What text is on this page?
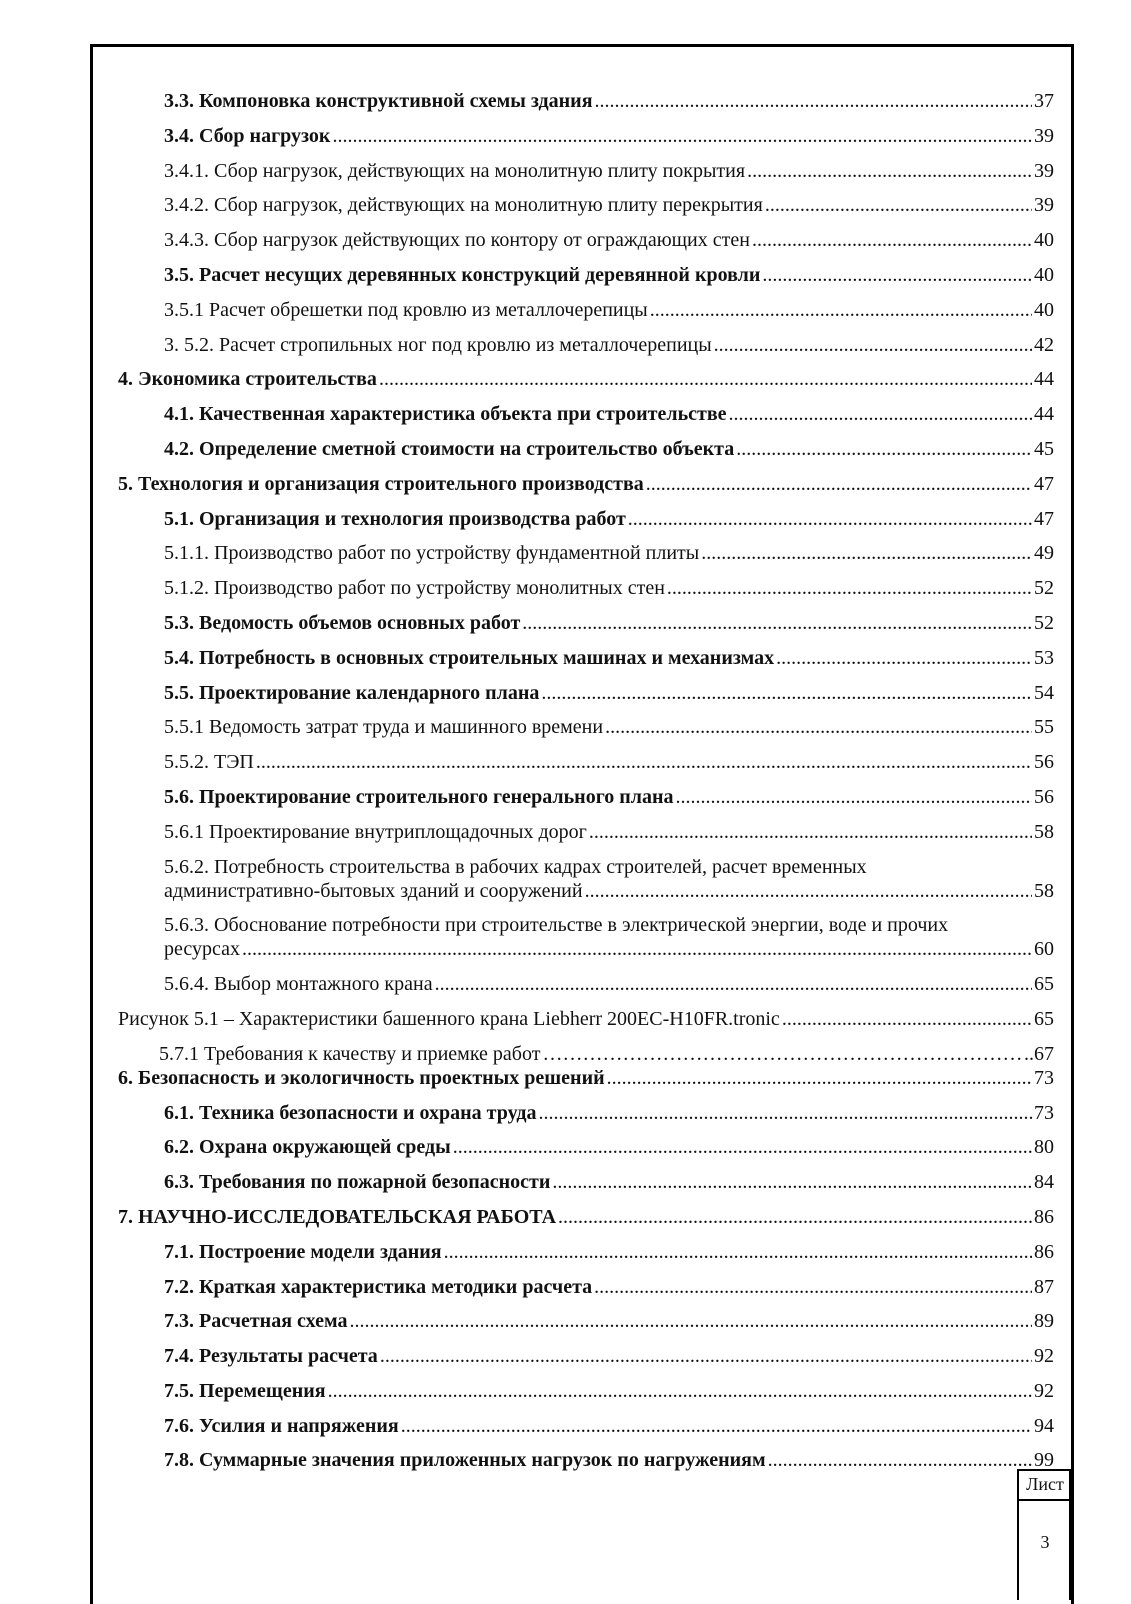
3.3. Компоновка конструктивной схемы здания .....	37
3.4. Сбор нагрузок .....	39
3.4.1. Сбор нагрузок, действующих на монолитную плиту покрытия .....	39
3.4.2. Сбор нагрузок, действующих на монолитную плиту перекрытия .....	39
3.4.3. Сбор нагрузок действующих по контору от ограждающих стен .....	40
3.5. Расчет несущих деревянных конструкций деревянной кровли .....	40
3.5.1 Расчет обрешетки под кровлю из металлочерепицы .....	40
3. 5.2. Расчет стропильных ног под кровлю из металлочерепицы .....	42
4. Экономика строительства .....	44
4.1. Качественная характеристика объекта при строительстве .....	44
4.2. Определение сметной стоимости на строительство объекта .....	45
5. Технология и организация строительного производства .....	47
5.1. Организация и технология производства работ .....	47
5.1.1. Производство работ по устройству фундаментной плиты .....	49
5.1.2. Производство работ по устройству монолитных стен .....	52
5.3. Ведомость объемов основных работ .....	52
5.4. Потребность в основных строительных машинах и механизмах .....	53
5.5. Проектирование календарного плана .....	54
5.5.1 Ведомость затрат труда и машинного времени .....	55
5.5.2. ТЭП .....	56
5.6. Проектирование строительного генерального плана .....	56
5.6.1 Проектирование внутриплощадочных дорог .....	58
5.6.2. Потребность строительства в рабочих кадрах строителей, расчет временных
административно-бытовых зданий и сооружений .....	58
5.6.3. Обоснование потребности при строительстве в электрической энергии, воде и прочих
ресурсах .....	60
5.6.4. Выбор монтажного крана .....	65
Рисунок 5.1 – Характеристики башенного крана Liebherr 200EC-H10FR.tronic .....	65
5.7.1 Требования к качеству и приемке работ ………………………………………………………………………………………………	..67
6. Безопасность и экологичность проектных решений .....	73
6.1. Техника безопасности и охрана труда .....	73
6.2. Охрана окружающей среды .....	80
6.3. Требования по пожарной безопасности .....	84
7. НАУЧНО-ИССЛЕДОВАТЕЛЬСКАЯ РАБОТА .....	86
7.1. Построение модели здания .....	86
7.2. Краткая характеристика методики расчета .....	87
7.3. Расчетная схема .....	89
7.4. Результаты расчета .....	92
7.5. Перемещения .....	92
7.6. Усилия и напряжения .....	94
7.8. Суммарные значения приложенных нагрузок по нагружениям .....	99
Лист
3
